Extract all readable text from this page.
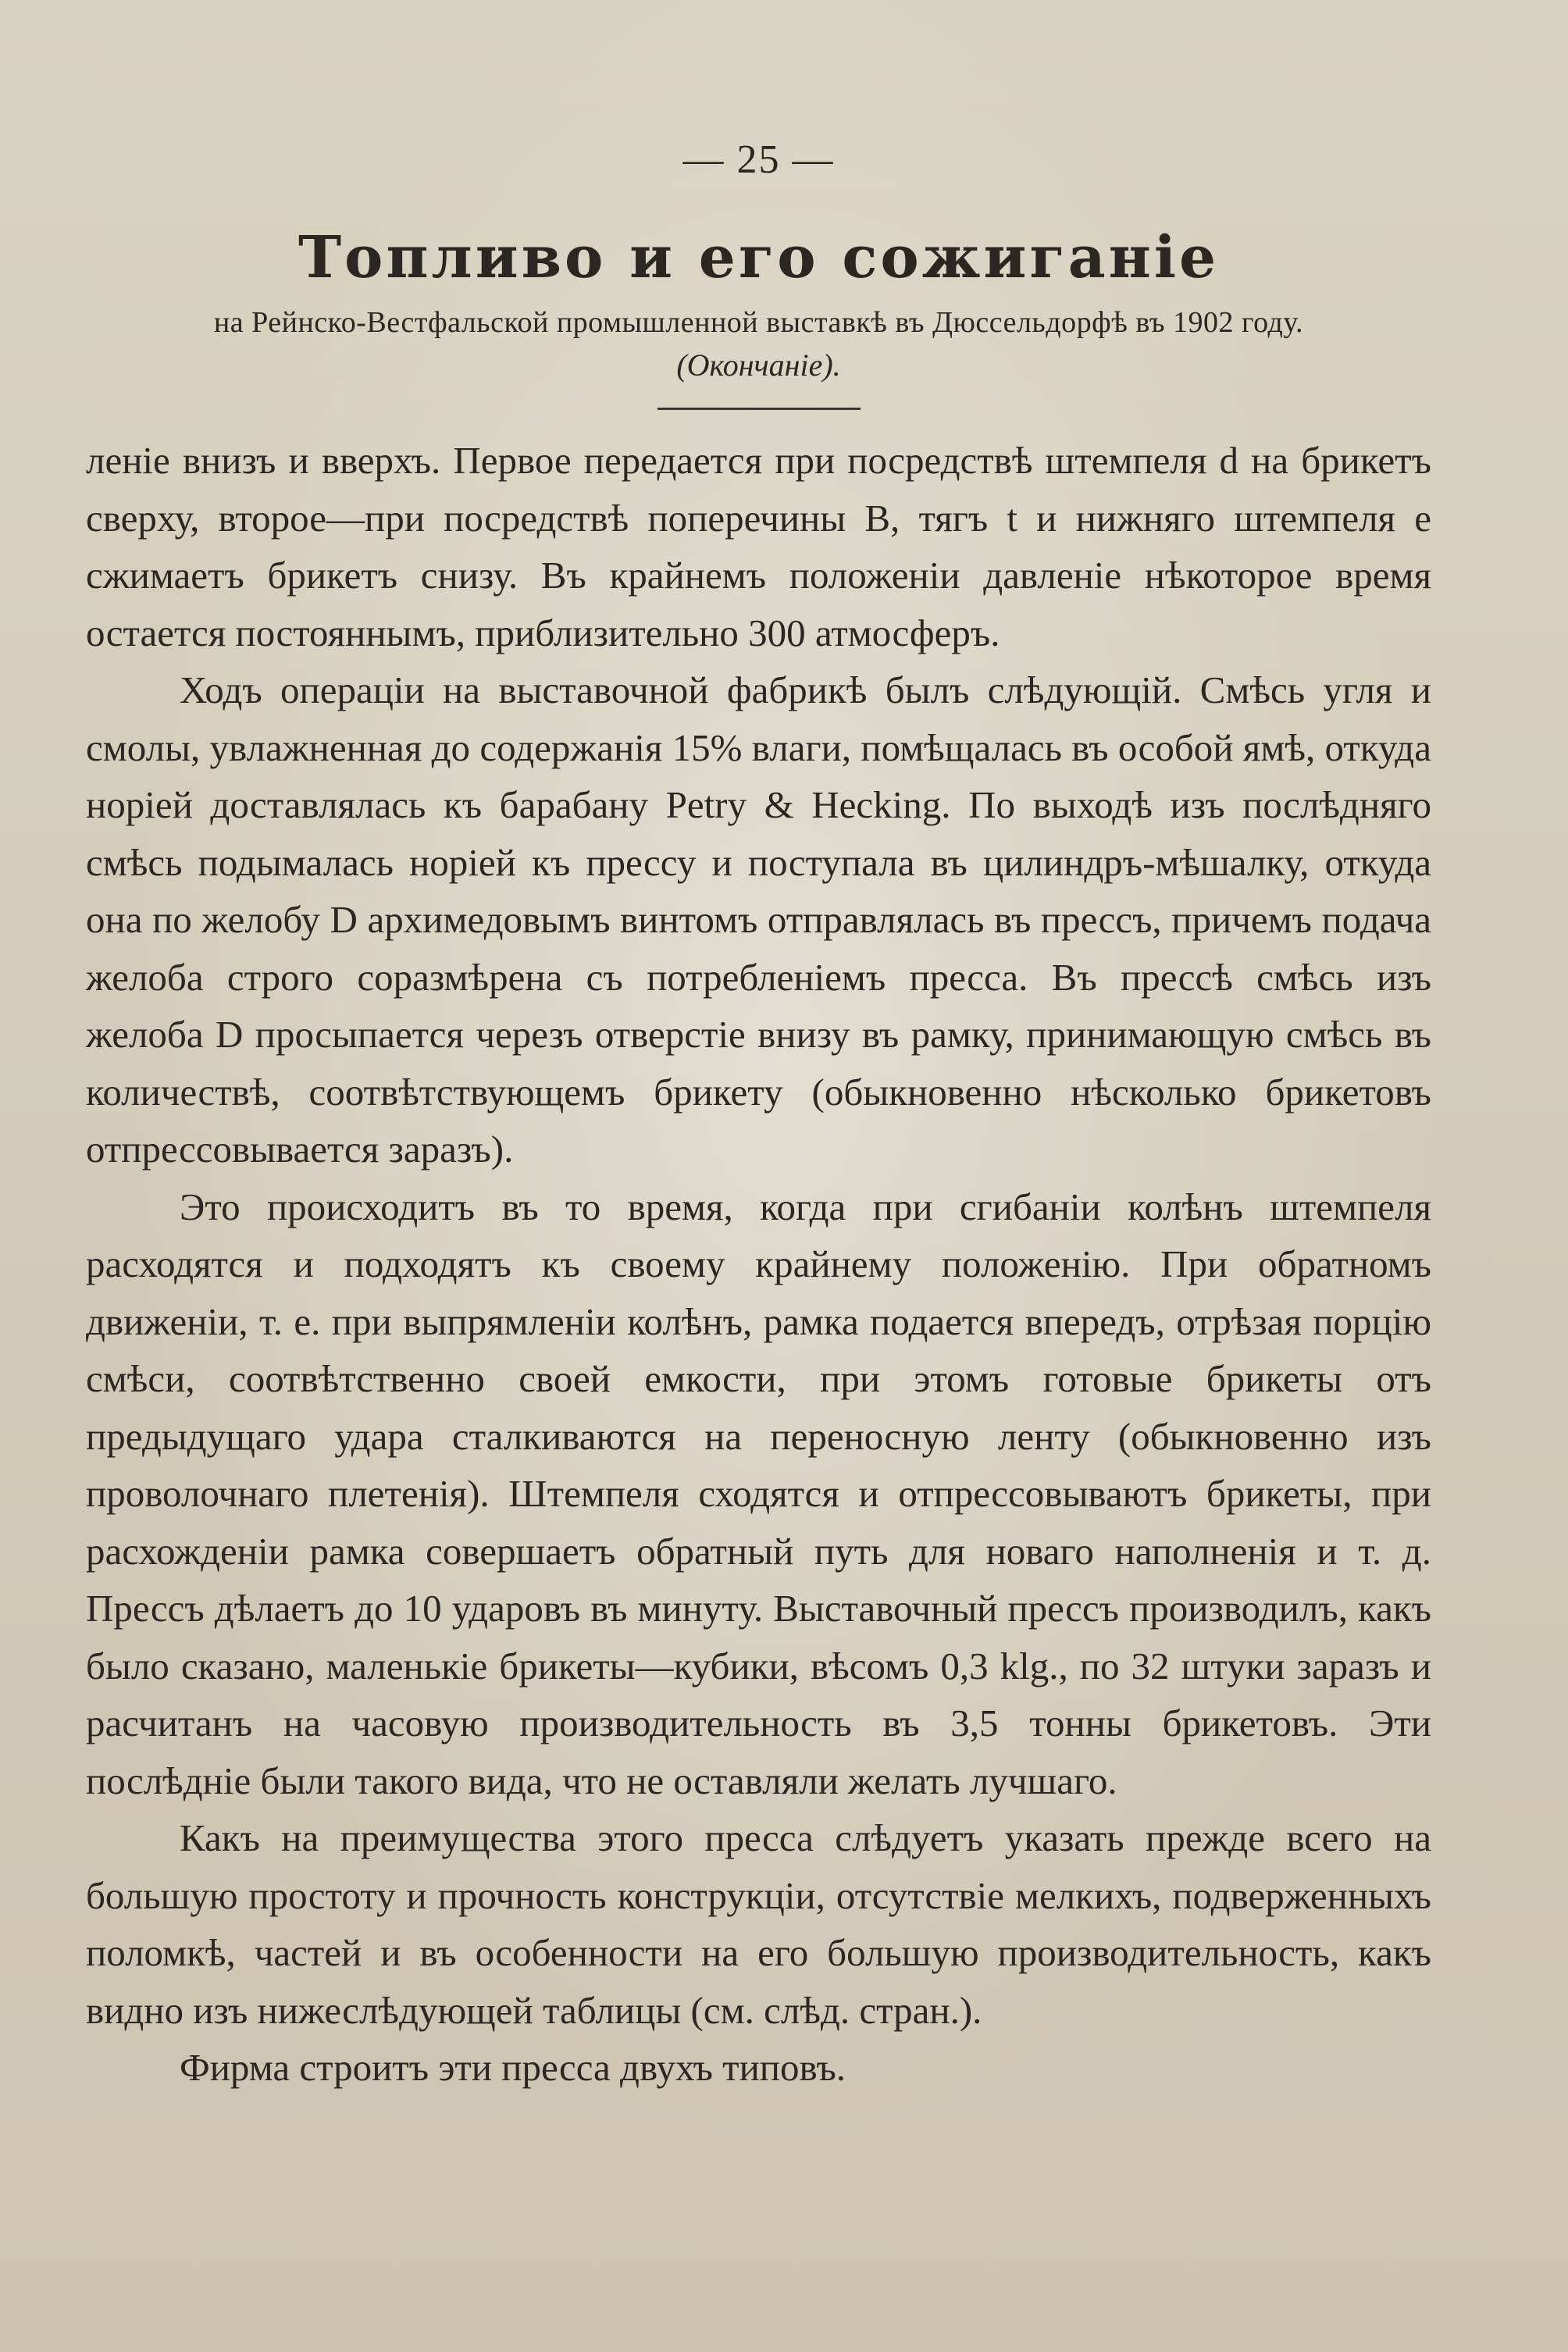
— 25 —
Топливо и его сожиганіе
на Рейнско-Вестфальской промышленной выставкѣ въ Дюссельдорфѣ въ 1902 году.
(Окончаніе).

леніе внизъ и вверхъ. Первое передается при посредствѣ штемпеля d на брикетъ сверху, второе—при посредствѣ поперечины B, тягъ t и нижняго штемпеля e сжимаетъ брикетъ снизу. Въ крайнемъ положеніи давленіе нѣкоторое время остается постояннымъ, приблизительно 300 атмосферъ.

Ходъ операціи на выставочной фабрикѣ былъ слѣдующій. Смѣсь угля и смолы, увлажненная до содержанія 15% влаги, помѣщалась въ особой ямѣ, откуда норіей доставлялась къ барабану Petry & Hecking. По выходѣ изъ послѣдняго смѣсь подымалась норіей къ прессу и поступала въ цилиндръ-мѣшалку, откуда она по желобу D архимедовымъ винтомъ отправлялась въ прессъ, причемъ подача желоба строго соразмѣрена съ потребленіемъ пресса. Въ прессѣ смѣсь изъ желоба D просыпается черезъ отверстіе внизу въ рамку, принимающую смѣсь въ количествѣ, соотвѣтствующемъ брикету (обыкновенно нѣсколько брикетовъ отпрессовывается заразъ).

Это происходитъ въ то время, когда при сгибаніи колѣнъ штемпеля расходятся и подходятъ къ своему крайнему положенію. При обратномъ движеніи, т. е. при выпрямленіи колѣнъ, рамка подается впередъ, отрѣзая порцію смѣси, соотвѣтственно своей емкости, при этомъ готовые брикеты отъ предыдущаго удара сталкиваются на переносную ленту (обыкновенно изъ проволочнаго плетенія). Штемпеля сходятся и отпрессовываютъ брикеты, при расхожденіи рамка совершаетъ обратный путь для новаго наполненія и т. д. Прессъ дѣлаетъ до 10 ударовъ въ минуту. Выставочный прессъ производилъ, какъ было сказано, маленькіе брикеты—кубики, вѣсомъ 0,3 klg., по 32 штуки заразъ и расчитанъ на часовую производительность въ 3,5 тонны брикетовъ. Эти послѣдніе были такого вида, что не оставляли желать лучшаго.

Какъ на преимущества этого пресса слѣдуетъ указать прежде всего на большую простоту и прочность конструкціи, отсутствіе мелкихъ, подверженныхъ поломкѣ, частей и въ особенности на его большую производительность, какъ видно изъ нижеслѣдующей таблицы (см. слѣд. стран.).

Фирма строитъ эти пресса двухъ типовъ.
